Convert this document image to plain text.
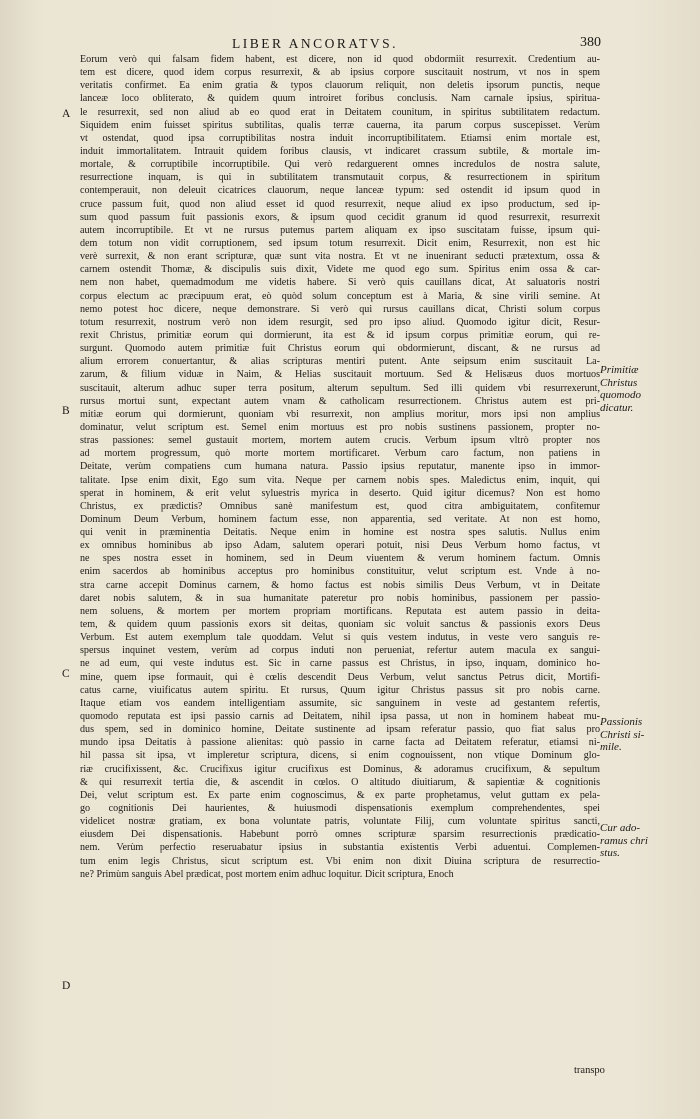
LIBER ANCORATVS.	380
Eorum verò qui falsam fidem habent, est dicere, non id quod obdormiit resurrexit. Credentium au-
tem est dicere, quod idem corpus resurrexit, & ab ipsius corpore suscitauit nostrum, vt nos in spem
veritatis confirmet. Ea enim gratia & typos clauorum reliquit, non deletis ipsorum punctis, neque
lanceæ loco obliterato, & quidem quum introiret foribus conclusis. Nam carnale ipsius, spiritua-
le resurrexit, sed non aliud ab eo quod erat in Deitatem counitum, in spiritus subtilitatem redactum.
Siquidem enim fuisset spiritus subtilitas, qualis terræ cauerna, ita parum corpus suscepisset. Verùm
vt ostendat, quod ipsa corruptibilitas nostra induit incorruptibilitatem. Etiamsi enim mortale est,
induit immortalitatem. Intrauit quidem foribus clausis, vt indicaret crassum subtile, & mortale im-
mortale, & corruptibile incorruptibile. Qui verò redarguerent omnes incredulos de nostra salute,
resurrectione inquam, is qui in subtilitatem transmutauit corpus, & resurrectionem in spiritum
contemperauit, non deleuit cicatrices clauorum, neque lanceæ typum: sed ostendit id ipsum quod in
cruce passum fuit, quod non aliud esset id quod resurrexit, neque aliud ex ipso productum, sed ip-
sum quod passum fuit passionis exors, & ipsum quod cecidit granum id quod resurrexit, resurrexit
autem incorruptibile. Et vt ne rursus putemus partem aliquam ex ipso suscitatam fuisse, ipsum qui-
dem totum non vidit corruptionem, sed ipsum totum resurrexit. Dicit enim, Resurrexit, non est hic
verè surrexit, & non erant scripturæ, quæ sunt vita nostra. Et vt ne inuenirant seducti prætextum, ossa &
carnem ostendit Thomæ, & discipulis suis dixit, Videte me quod ego sum. Spiritus enim ossa & car-
nem non habet, quemadmodum me videtis habere. Si verò quis cauillans dicat, At saluatoris nostri
corpus electum ac præcipuum erat, eò quòd solum conceptum est à Maria, & sine virili semine. At
nemo potest hoc dicere, neque demonstrare. Si verò qui rursus cauillans dicat, Christi solum corpus
totum resurrexit, nostrum verò non idem resurgit, sed pro ipso aliud. Quomodo igitur dicit, Resur-
rexit Christus, primitiæ eorum qui dormierunt, ita est & id ipsum corpus primitiæ eorum, qui re-
surgunt. Quomodo autem primitiæ fuit Christus eorum qui obdormierunt, discant, & ne rursus ad
alium errorem conuertantur, & alias scripturas mentiri putent. Ante seipsum enim suscitauit La-
zarum, & filium viduæ in Naim, & Helias suscitauit mortuum. Sed & Helisæus duos mortuos
suscitauit, alterum adhuc super terra positum, alterum sepultum. Sed illi quidem vbi resurrexerunt,
rursus mortui sunt, expectant autem vnam & catholicam resurrectionem. Christus autem est pri-
mitiæ eorum qui dormierunt, quoniam vbi resurrexit, non amplius moritur, mors ipsi non amplius
dominatur, velut scriptum est. Semel enim mortuus est pro nobis sustinens passionem, propter no-
stras passiones: semel gustauit mortem, mortem autem crucis. Verbum ipsum vltrò propter nos
ad mortem progressum, quò morte mortem mortificaret. Verbum caro factum, non patiens in
Deitate, verùm compatiens cum humana natura. Passio ipsius reputatur, manente ipso in immor-
talitate. Ipse enim dixit, Ego sum vita. Neque per carnem nobis spes. Maledictus enim, inquit, qui
sperat in hominem, & erit velut syluestris myrica in deserto. Quid igitur dicemus? Non est homo
Christus, ex prædictis? Omnibus sanè manifestum est, quod citra ambiguitatem, confitemur
Dominum Deum Verbum, hominem factum esse, non apparentia, sed veritate. At non est homo,
qui venit in præminentia Deitatis. Neque enim in homine est nostra spes salutis. Nullus enim
ex omnibus hominibus ab ipso Adam, salutem operari potuit, nisi Deus Verbum homo factus, vt
ne spes nostra esset in hominem, sed in Deum viuentem & verum hominem factum. Omnis
enim sacerdos ab hominibus acceptus pro hominibus constituitur, velut scriptum est. Vnde à no-
stra carne accepit Dominus carnem, & homo factus est nobis similis Deus Verbum, vt in Deitate
daret nobis salutem, & in sua humanitate pateretur pro nobis hominibus, passionem per passio-
nem soluens, & mortem per mortem propriam mortificans. Reputata est autem passio in deita-
tem, & quidem quum passionis exors sit deitas, quoniam sic voluit sanctus & passionis exors Deus
Verbum. Est autem exemplum tale quoddam. Velut si quis vestem indutus, in veste vero sanguis re-
spersus inquinet vestem, verùm ad corpus induti non perueniat, refertur autem macula ex sangui-
ne ad eum, qui veste indutus est. Sic in carne passus est Christus, in ipso, inquam, dominico ho-
mine, quem ipse formauit, qui è cœlis descendit Deus Verbum, velut sanctus Petrus dicit, Mortifi-
catus carne, viuificatus autem spiritu. Et rursus, Quum igitur Christus passus sit pro nobis carne.
Itaque etiam vos eandem intelligentiam assumite, sic sanguinem in veste ad gestantem refertis,
quomodo reputata est ipsi passio carnis ad Deitatem, nihil ipsa passa, ut non in hominem habeat mu-
dus spem, sed in dominico homine, Deitate sustinente ad ipsam referatur passio, quo fiat salus pro
mundo ipsa Deitatis à passione alienitas: quò passio in carne facta ad Deitatem referatur, etiamsi ni-
hil passa sit ipsa, vt impleretur scriptura, dicens, si enim cognouissent, non vtique Dominum glo-
riæ crucifixissent, &c. Crucifixus igitur crucifixus est Dominus, & adoramus crucifixum, & sepultum
& qui resurrexit tertia die, & ascendit in cœlos. O altitudo diuitiarum, & sapientiæ & cognitionis
Dei, velut scriptum est. Ex parte enim cognoscimus, & ex parte prophetamus, velut guttam ex pela-
go cognitionis Dei haurientes, & huiusmodi dispensationis exemplum comprehendentes, spei
videlicet nostræ gratiam, ex bona voluntate patris, voluntate Filij, cum voluntate spiritus sancti,
eiusdem Dei dispensationis. Habebunt porrò omnes scripturæ sparsim resurrectionis prædicatio-
nem. Verùm perfectio reseruabatur ipsius in substantia existentis Verbi aduentui. Complemen-
tum enim legis Christus, sicut scriptum est. Vbi enim non dixit Diuina scriptura de resurrectio-
ne? Primùm sanguis Abel prædicat, post mortem enim adhuc loquitur. Dicit scriptura, Enoch
A
B
C
D
Primitiæ
Christus
quomodo
dicatur.
Passionis
Christi si-
mile.
Cur ado-
ramus chri
stus.
transpo
